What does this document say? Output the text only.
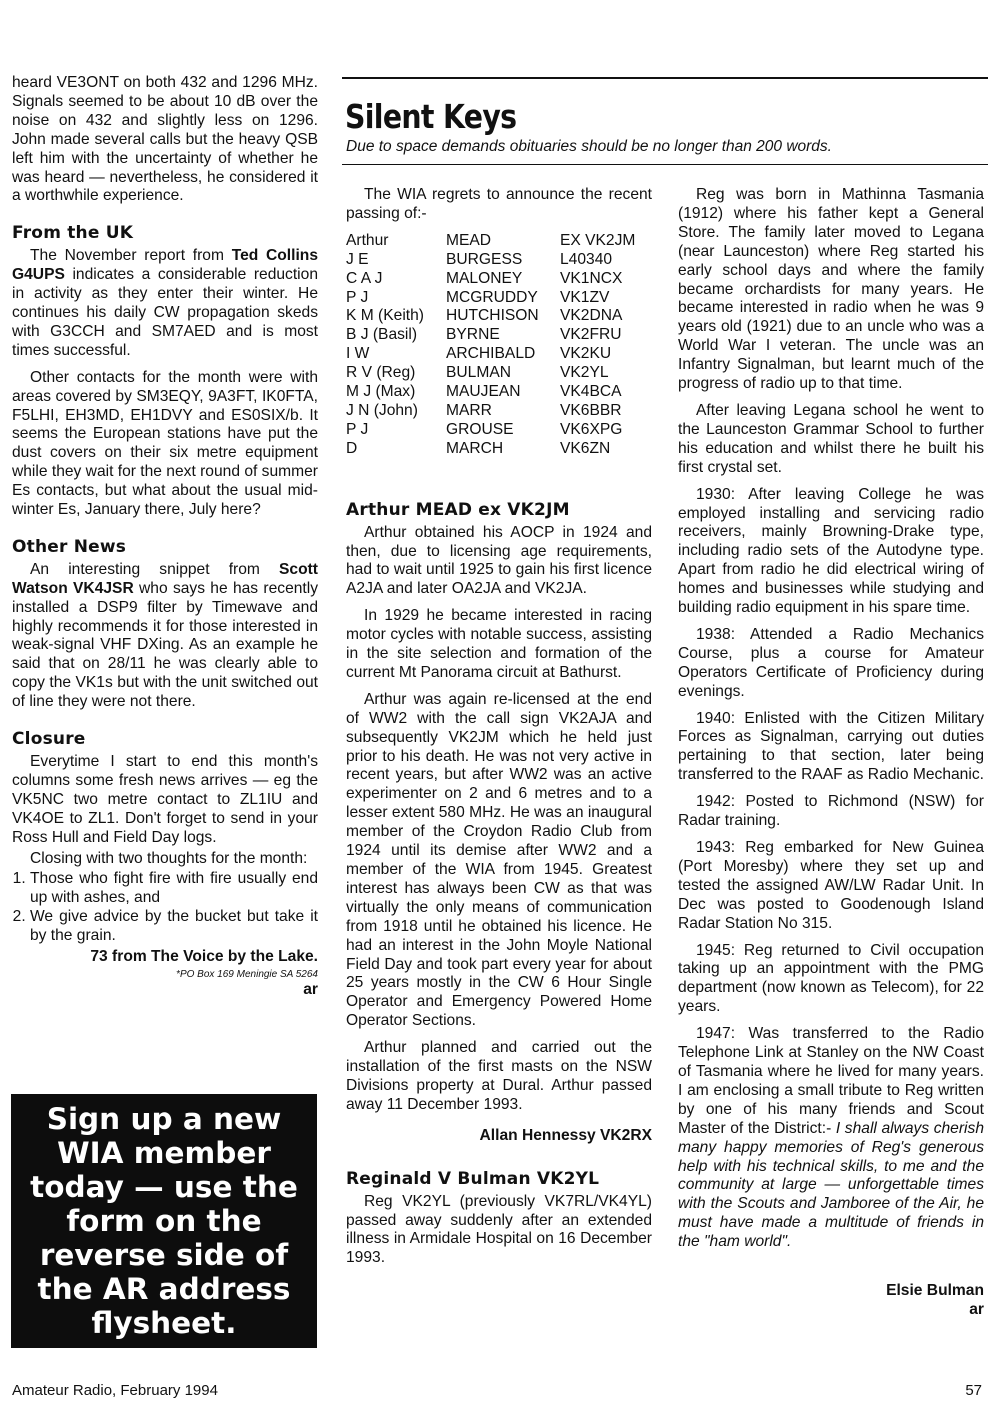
heard VE3ONT on both 432 and 1296 MHz. Signals seemed to be about 10 dB over the noise on 432 and slightly less on 1296. John made several calls but the heavy QSB left him with the uncertainty of whether he was heard — nevertheless, he considered it a worthwhile experience.

From the UK

The November report from Ted Collins G4UPS indicates a considerable reduction in activity as they enter their winter. He continues his daily CW propagation skeds with G3CCH and SM7AED and is most times successful.

Other contacts for the month were with areas covered by SM3EQY, 9A3FT, IK0FTA, F5LHI, EH3MD, EH1DVY and ES0SIX/b. It seems the European stations have put the dust covers on their six metre equipment while they wait for the next round of summer Es contacts, but what about the usual mid-winter Es, January there, July here?

Other News

An interesting snippet from Scott Watson VK4JSR who says he has recently installed a DSP9 filter by Timewave and highly recommends it for those interested in weak-signal VHF DXing. As an example he said that on 28/11 he was clearly able to copy the VK1s but with the unit switched out of line they were not there.

Closure

Everytime I start to end this month's columns some fresh news arrives — eg the VK5NC two metre contact to ZL1IU and VK4OE to ZL1. Don't forget to send in your Ross Hull and Field Day logs.

Closing with two thoughts for the month:

1. Those who fight fire with fire usually end up with ashes, and
2. We give advice by the bucket but take it by the grain.
73 from The Voice by the Lake.
*PO Box 169 Meningie SA 5264
ar
Sign up a new WIA member today — use the form on the reverse side of the AR address flysheet.
Silent Keys
Due to space demands obituaries should be no longer than 200 words.

The WIA regrets to announce the recent passing of:-

Arthur	MEAD	EX VK2JM
J E	BURGESS	L40340
C A J	MALONEY	VK1NCX
P J	MCGRUDDY	VK1ZV
K M (Keith)	HUTCHISON	VK2DNA
B J (Basil)	BYRNE	VK2FRU
I W	ARCHIBALD	VK2KU
R V (Reg)	BULMAN	VK2YL
M J (Max)	MAUJEAN	VK4BCA
J N (John)	MARR	VK6BBR
P J	GROUSE	VK6XPG
D	MARCH	VK6ZN
Arthur MEAD ex VK2JM

Arthur obtained his AOCP in 1924 and then, due to licensing age requirements, had to wait until 1925 to gain his first licence A2JA and later OA2JA and VK2JA.

In 1929 he became interested in racing motor cycles with notable success, assisting in the site selection and formation of the current Mt Panorama circuit at Bathurst.

Arthur was again re-licensed at the end of WW2 with the call sign VK2AJA and subsequently VK2JM which he held just prior to his death. He was not very active in recent years, but after WW2 was an active experimenter on 2 and 6 metres and to a lesser extent 580 MHz. He was an inaugural member of the Croydon Radio Club from 1924 until its demise after WW2 and a member of the WIA from 1945. Greatest interest has always been CW as that was virtually the only means of communication from 1918 until he obtained his licence. He had an interest in the John Moyle National Field Day and took part every year for about 25 years mostly in the CW 6 Hour Single Operator and Emergency Powered Home Operator Sections.

Arthur planned and carried out the installation of the first masts on the NSW Divisions property at Dural. Arthur passed away 11 December 1993.

Allan Hennessy VK2RX
Reginald V Bulman VK2YL

Reg VK2YL (previously VK7RL/VK4YL) passed away suddenly after an extended illness in Armidale Hospital on 16 December 1993.

Reg was born in Mathinna Tasmania (1912) where his father kept a General Store. The family later moved to Legana (near Launceston) where Reg started his early school days and where the family became orchardists for many years. He became interested in radio when he was 9 years old (1921) due to an uncle who was a World War I veteran. The uncle was an Infantry Signalman, but learnt much of the progress of radio up to that time.

After leaving Legana school he went to the Launceston Grammar School to further his education and whilst there he built his first crystal set.

1930: After leaving College he was employed installing and servicing radio receivers, mainly Browning-Drake type, including radio sets of the Autodyne type. Apart from radio he did electrical wiring of homes and businesses while studying and building radio equipment in his spare time.

1938: Attended a Radio Mechanics Course, plus a course for Amateur Operators Certificate of Proficiency during evenings.

1940: Enlisted with the Citizen Military Forces as Signalman, carrying out duties pertaining to that section, later being transferred to the RAAF as Radio Mechanic.

1942: Posted to Richmond (NSW) for Radar training.

1943: Reg embarked for New Guinea (Port Moresby) where they set up and tested the assigned AW/LW Radar Unit. In Dec was posted to Goodenough Island Radar Station No 315.

1945: Reg returned to Civil occupation taking up an appointment with the PMG department (now known as Telecom), for 22 years.

1947: Was transferred to the Radio Telephone Link at Stanley on the NW Coast of Tasmania where he lived for many years. I am enclosing a small tribute to Reg written by one of his many friends and Scout Master of the District:- I shall always cherish many happy memories of Reg's generous help with his technical skills, to me and the community at large — unforgettable times with the Scouts and Jamboree of the Air, he must have made a multitude of friends in the "ham world".

Elsie Bulman
ar
Amateur Radio, February 1994	57
